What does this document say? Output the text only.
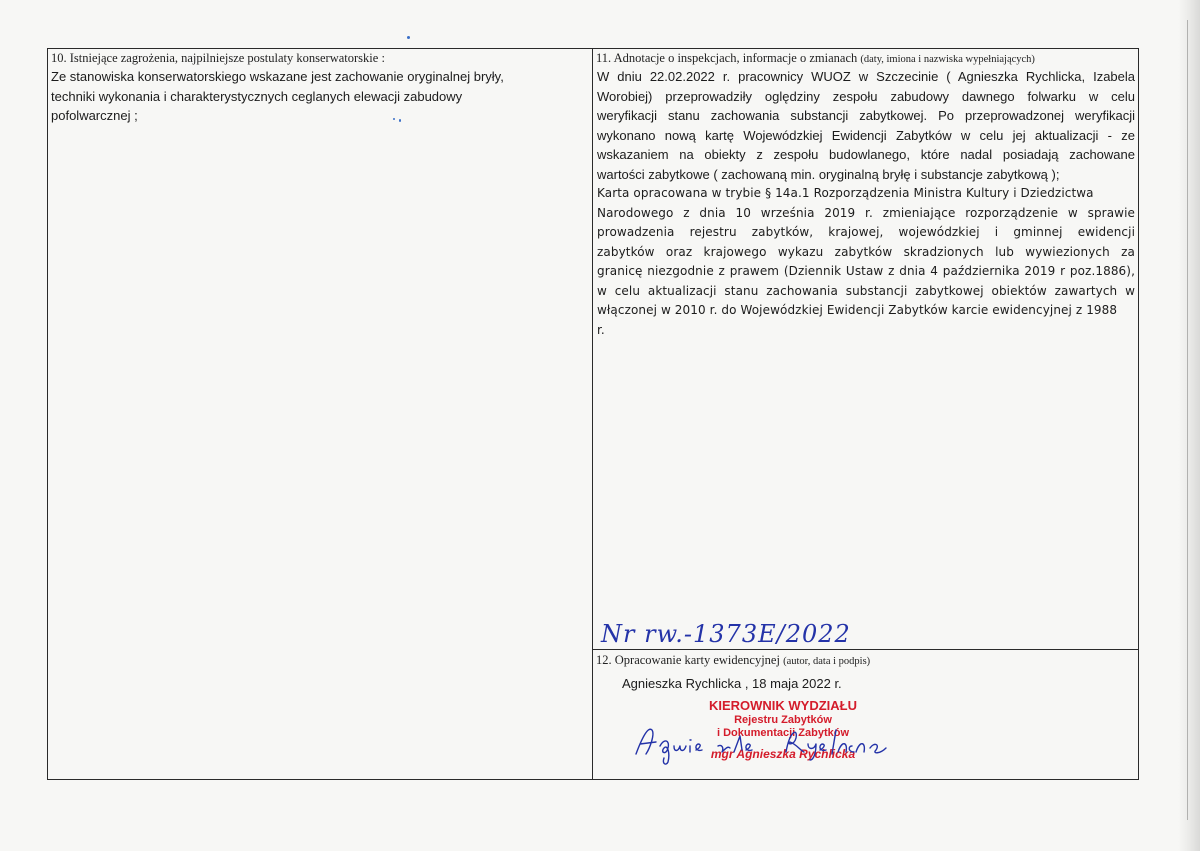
10. Istniejące zagrożenia, najpilniejsze postulaty konserwatorskie :
Ze stanowiska konserwatorskiego wskazane jest zachowanie oryginalnej bryły,
techniki wykonania i charakterystycznych ceglanych elewacji zabudowy
pofolwarcznej ;
11. Adnotacje o inspekcjach, informacje o zmianach (daty, imiona i nazwiska wypełniających)
W dniu 22.02.2022 r. pracownicy WUOZ w Szczecinie ( Agnieszka Rychlicka, Izabela
Worobiej) przeprowadziły oględziny zespołu zabudowy dawnego folwarku w celu
weryfikacji stanu zachowania substancji zabytkowej. Po przeprowadzonej weryfikacji
wykonano nową kartę Wojewódzkiej Ewidencji Zabytków w celu jej aktualizacji - ze
wskazaniem na obiekty z zespołu budowlanego, które nadal posiadają zachowane
wartości zabytkowe ( zachowaną min. oryginalną bryłę i substancje zabytkową );
Karta opracowana w trybie § 14a.1 Rozporządzenia Ministra Kultury i Dziedzictwa
Narodowego z dnia 10 września 2019 r. zmieniające rozporządzenie w sprawie
prowadzenia rejestru zabytków, krajowej, wojewódzkiej i gminnej ewidencji
zabytków oraz krajowego wykazu zabytków skradzionych lub wywiezionych za
granicę niezgodnie z prawem (Dziennik Ustaw z dnia 4 października 2019 r poz.1886),
w celu aktualizacji stanu zachowania substancji zabytkowej obiektów zawartych w
włączonej w 2010 r. do Wojewódzkiej Ewidencji Zabytków karcie ewidencyjnej z 1988
r.
Nr rw.-1373E/2022
12. Opracowanie karty ewidencyjnej (autor, data i podpis)
Agnieszka Rychlicka , 18 maja 2022 r.
KIEROWNIK WYDZIAŁU
Rejestru Zabytków
i Dokumentacji Zabytków
mgr Agnieszka Rychlicka
